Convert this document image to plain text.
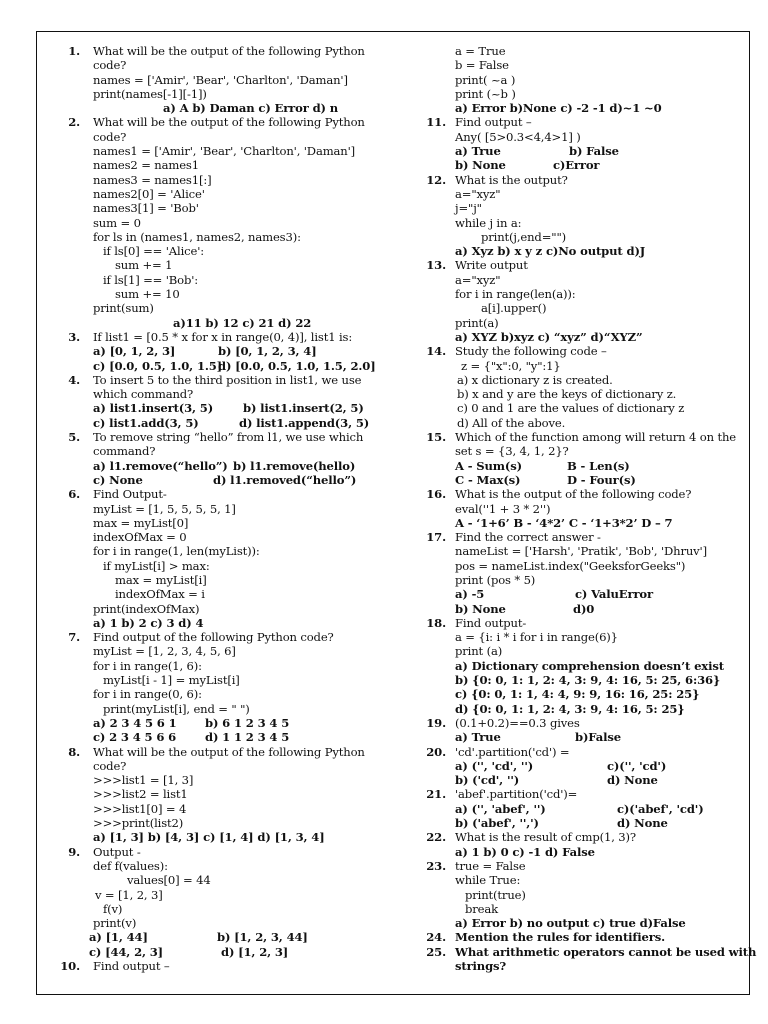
1. What will be the output of the following Python
code?
names = ['Amir', 'Bear', 'Charlton', 'Daman']
print(names[-1][-1])
a) A b) Daman c) Error d) n
2. What will be the output of the following Python
code?
names1 = ['Amir', 'Bear', 'Charlton', 'Daman']
names2 = names1
names3 = names1[:]
names2[0] = 'Alice'
names3[1] = 'Bob'
sum = 0
for ls in (names1, names2, names3):
if ls[0] == 'Alice':
sum += 1
if ls[1] == 'Bob':
sum += 10
print(sum)
a)11 b) 12 c) 21 d) 22
3. If list1 = [0.5 * x for x in range(0, 4)], list1 is:
a) [0, 1, 2, 3]	b) [0, 1, 2, 3, 4]
c) [0.0, 0.5, 1.0, 1.5]
d) [0.0, 0.5, 1.0, 1.5, 2.0]
4. To insert 5 to the third position in list1, we use
which command?
a) list1.insert(3, 5)	b) list1.insert(2, 5)
c) list1.add(3, 5)	d) list1.append(3, 5)
5. To remove string “hello” from l1, we use which
command?
a) l1.remove(“hello”) b) l1.remove(hello)
c) None	d) l1.removed(“hello”)
6. Find Output-
myList = [1, 5, 5, 5, 5, 1]
max = myList[0]
indexOfMax = 0
for i in range(1, len(myList)):
if myList[i] > max:
max = myList[i]
indexOfMax = i
print(indexOfMax)
a) 1 b) 2 c) 3 d) 4
7. Find output of the following Python code?
myList = [1, 2, 3, 4, 5, 6]
for i in range(1, 6):
myList[i - 1] = myList[i]
for i in range(0, 6):
print(myList[i], end = " ")
a) 2 3 4 5 6 1 b) 6 1 2 3 4 5
c) 2 3 4 5 6 6 d) 1 1 2 3 4 5
8. What will be the output of the following Python
code?
>>>list1 = [1, 3]
>>>list2 = list1
>>>list1[0] = 4
>>>print(list2)
a) [1, 3] b) [4, 3] c) [1, 4] d) [1, 3, 4]
9. Output -
def f(values):
values[0] = 44
v = [1, 2, 3]
f(v)
print(v)
a) [1, 44]	b) [1, 2, 3, 44]
c) [44, 2, 3]	d) [1, 2, 3]
10. Find output –
a = True
b = False
print( ~a )
print (~b )
a) Error b)None c) -2 -1 d)~1 ~0
11. Find output –
Any( [5>0.3<4,4>1] )
a) True	b) False
b) None	c)Error
12. What is the output?
a="xyz"
j="j"
while j in a:
print(j,end="")
a) Xyz b) x y z c)No output d)J
13. Write output
a="xyz"
for i in range(len(a)):
a[i].upper()
print(a)
a) XYZ b)xyz c) “xyz” d)“XYZ”
14. Study the following code –
z = {"x":0, "y":1}
a) x dictionary z is created.
b) x and y are the keys of dictionary z.
c) 0 and 1 are the values of dictionary z
d) All of the above.
15. Which of the function among will return 4 on the
set s = {3, 4, 1, 2}?
A - Sum(s)	B - Len(s)
C - Max(s)	D - Four(s)
16. What is the output of the following code?
eval(''1 + 3 * 2'')
A - ‘1+6’ B - ‘4*2’ C - ‘1+3*2’ D – 7
17. Find the correct answer -
nameList = ['Harsh', 'Pratik', 'Bob', 'Dhruv']
pos = nameList.index("GeeksforGeeks")
print (pos * 5)
a) -5	c) ValuError
b) None	d)0
18. Find output-
a = {i: i * i for i in range(6)}
print (a)
a) Dictionary comprehension doesn’t exist
b) {0: 0, 1: 1, 2: 4, 3: 9, 4: 16, 5: 25, 6:36}
c) {0: 0, 1: 1, 4: 4, 9: 9, 16: 16, 25: 25}
d) {0: 0, 1: 1, 2: 4, 3: 9, 4: 16, 5: 25}
19. (0.1+0.2)==0.3 gives
a) True	b)False
20. 'cd'.partition('cd') =
a) ('', 'cd', '')	c)('', 'cd')
b) ('cd', '')	d) None
21. 'abef'.partition('cd')=
a) ('', 'abef', '')	c)('abef', 'cd')
b) ('abef', '',')	d) None
22. What is the result of cmp(1, 3)?
a) 1 b) 0 c) -1 d) False
23. true = False
while True:
print(true)
break
a) Error b) no output c) true d)False
24. Mention the rules for identifiers.
25. What arithmetic operators cannot be used with
strings?
